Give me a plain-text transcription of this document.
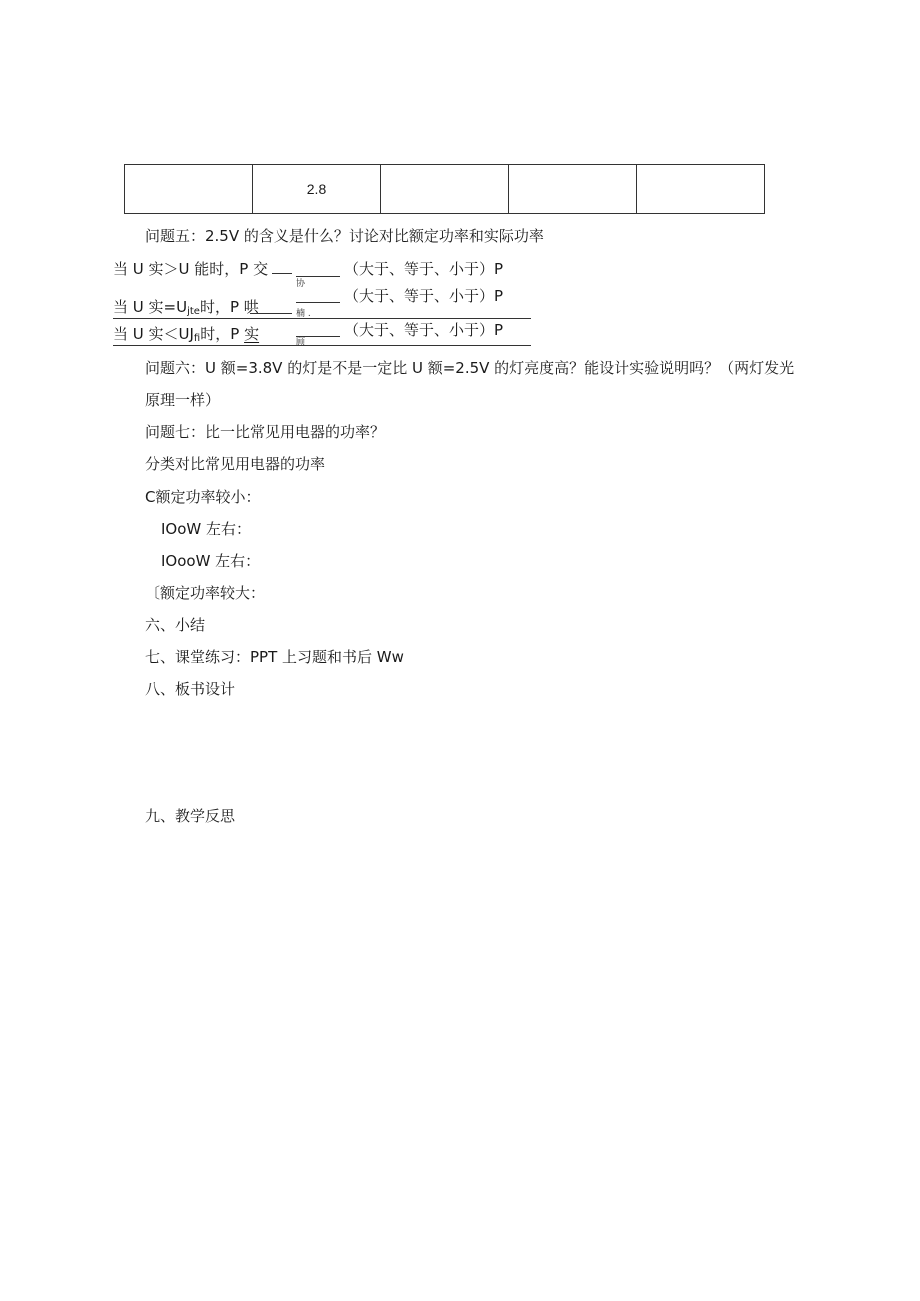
	2.8			
问题五：2.5V 的含义是什么？讨论对比额定功率和实际功率
当 U 实＞U 能时，P 交
协
（大于、等于、小于）P
当 U 实$=U_{jte}$时，P 哄	楠 .
（大于、等于、小于）P
当 U 实$<UJ_{fi}$时，P 实	顾
（大于、等于、小于）P
问题六：U 额=3.8V 的灯是不是一定比 U 额=2.5V 的灯亮度高？能设计实验说明吗？（两灯发光
原理一样）
问题七：比一比常见用电器的功率？
分类对比常见用电器的功率
C额定功率较小：
IOoW 左右：
IOooW 左右：
〔额定功率较大：
六、小结
七、课堂练习：PPT 上习题和书后 Ww
八、板书设计
九、教学反思
